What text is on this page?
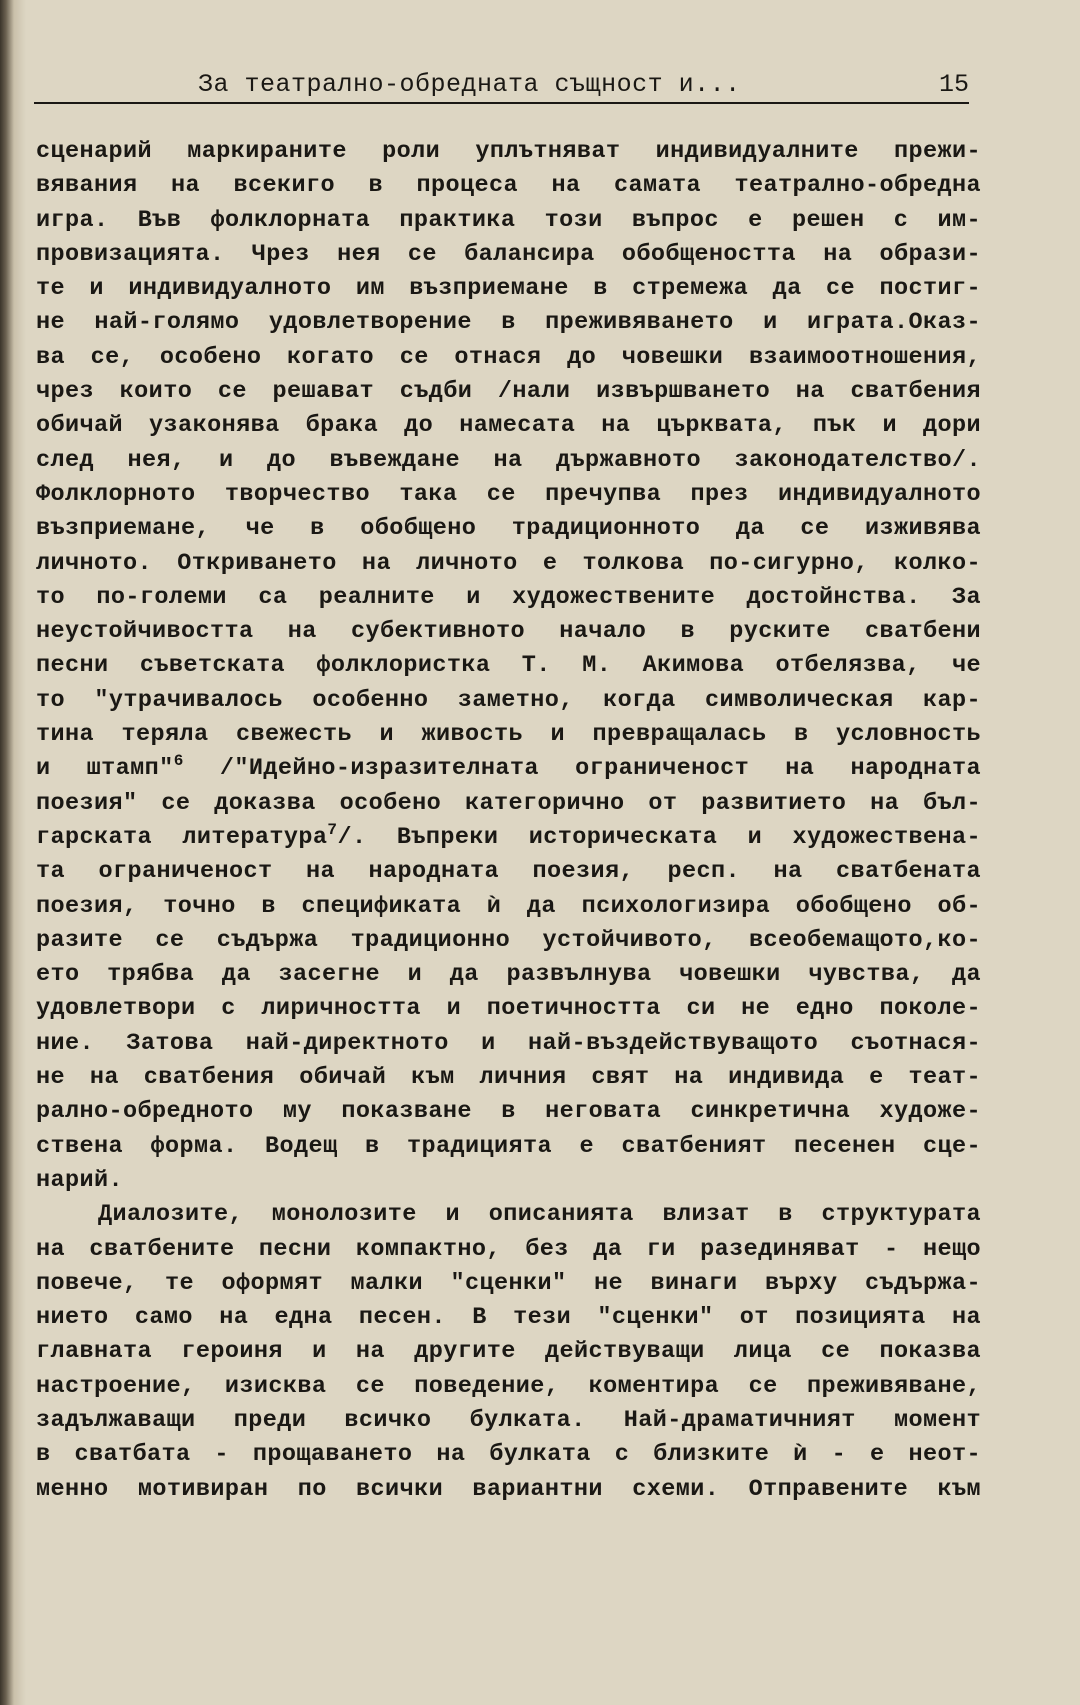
За театрално-обредната същност и...	15
сценарий маркираните роли уплътняват индивидуалните прежи-
вявания на всекиго в процеса на самата театрално-обредна
игра. Във фолклорната практика този въпрос е решен с им-
провизацията. Чрез нея се балансира обобщеността на образи-
те и индивидуалното им възприемане в стремежа да се постиг-
не най-голямо удовлетворение в преживяването и играта.Оказ-
ва се, особено когато се отнася до човешки взаимоотношения,
чрез които се решават съдби /нали извършването на сватбения
обичай узаконява брака до намесата на църквата, пък и дори
след нея, и до въвеждане на държавното законодателство/.
Фолклорното творчество така се пречупва през индивидуалното
възприемане, че в обобщено традиционното да се изживява
личното. Откриването на личното е толкова по-сигурно, колко-
то по-големи са реалните и художествените достойнства. За
неустойчивостта на субективното начало в руските сватбени
песни съветската фолклористка Т. М. Акимова отбелязва, че
то "утрачивалось особенно заметно, когда символическая кар-
тина теряла свежесть и живость и превращалась в условность
и штамп"$^6$ /"Идейно-изразителната ограниченост на народната
поезия" се доказва особено категорично от развитието на бъл-
гарската литература$^7$/. Въпреки историческата и художествена-
та ограниченост на народната поезия, респ. на сватбената
поезия, точно в спецификата ѝ да психологизира обобщено об-
разите се съдържа традиционно устойчивото, всеобемащото,ко-
ето трябва да засегне и да развълнува човешки чувства, да
удовлетвори с лиричността и поетичността си не едно поколе-
ние. Затова най-директното и най-въздействуващото съотнася-
не на сватбения обичай към личния свят на индивида е теат-
рално-обредното му показване в неговата синкретична художе-
ствена форма. Водещ в традицията е сватбеният песенен сце-
нарий.
Диалозите, монолозите и описанията влизат в структурата
на сватбените песни компактно, без да ги разединяват - нещо
повече, те оформят малки "сценки" не винаги върху съдържа-
нието само на една песен. В тези "сценки" от позицията на
главната героиня и на другите действуващи лица се показва
настроение, изисква се поведение, коментира се преживяване,
задължаващи преди всичко булката. Най-драматичният момент
в сватбата - прощаването на булката с близките ѝ - е неот-
менно мотивиран по всички вариантни схеми. Отправените към
